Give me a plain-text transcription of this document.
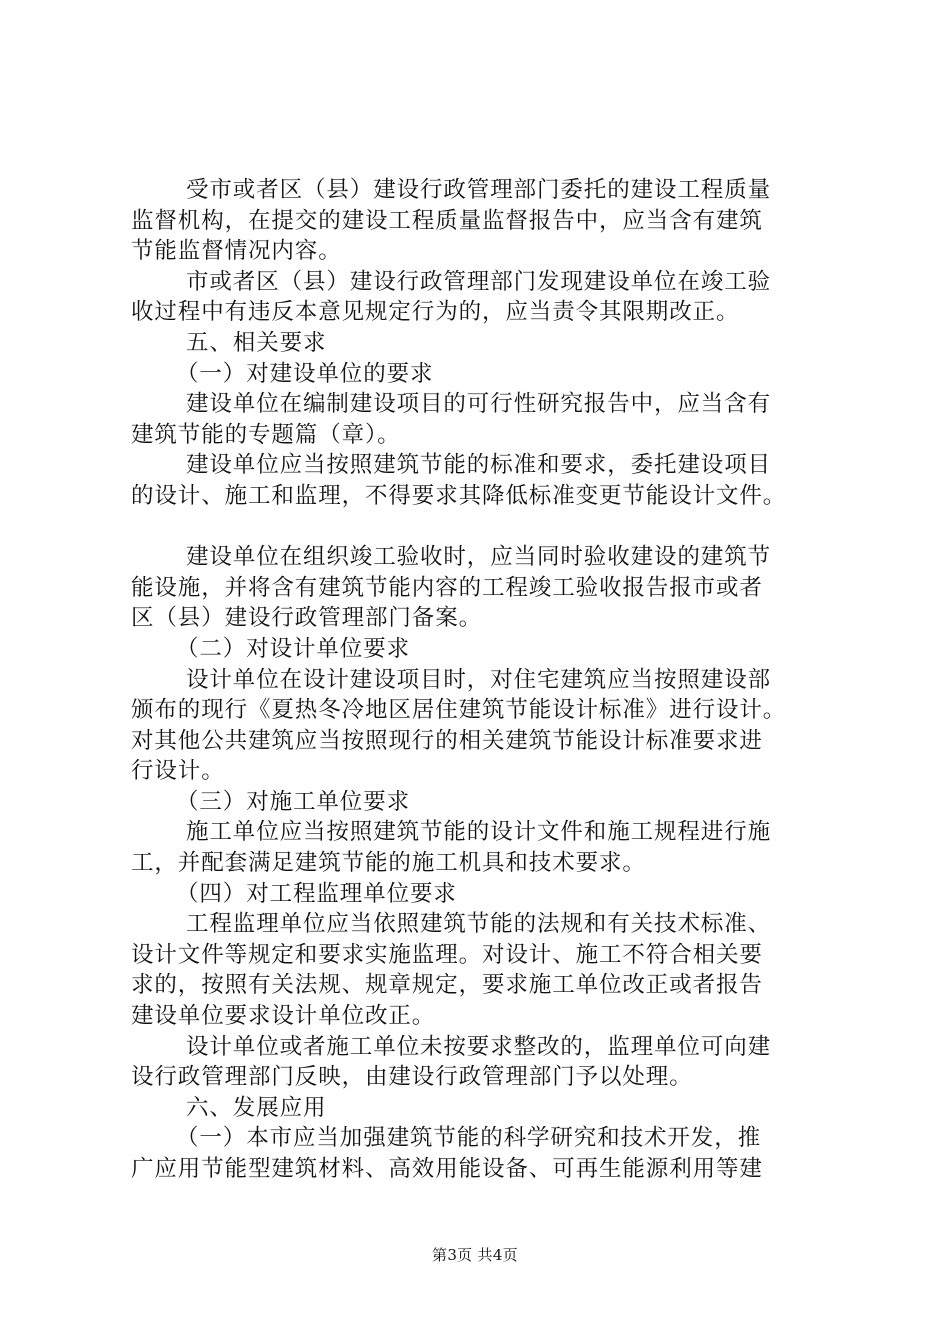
受市或者区（县）建设行政管理部门委托的建设工程质量
监督机构，在提交的建设工程质量监督报告中，应当含有建筑
节能监督情况内容。
市或者区（县）建设行政管理部门发现建设单位在竣工验
收过程中有违反本意见规定行为的，应当责令其限期改正。
五、相关要求
（一）对建设单位的要求
建设单位在编制建设项目的可行性研究报告中，应当含有
建筑节能的专题篇（章）。
建设单位应当按照建筑节能的标准和要求，委托建设项目
的设计、施工和监理，不得要求其降低标准变更节能设计文件。
建设单位在组织竣工验收时，应当同时验收建设的建筑节
能设施，并将含有建筑节能内容的工程竣工验收报告报市或者
区（县）建设行政管理部门备案。
（二）对设计单位要求
设计单位在设计建设项目时，对住宅建筑应当按照建设部
颁布的现行《夏热冬冷地区居住建筑节能设计标准》进行设计。
对其他公共建筑应当按照现行的相关建筑节能设计标准要求进
行设计。
（三）对施工单位要求
施工单位应当按照建筑节能的设计文件和施工规程进行施
工，并配套满足建筑节能的施工机具和技术要求。
（四）对工程监理单位要求
工程监理单位应当依照建筑节能的法规和有关技术标准、
设计文件等规定和要求实施监理。对设计、施工不符合相关要
求的，按照有关法规、规章规定，要求施工单位改正或者报告
建设单位要求设计单位改正。
设计单位或者施工单位未按要求整改的，监理单位可向建
设行政管理部门反映，由建设行政管理部门予以处理。
六、发展应用
（一）本市应当加强建筑节能的科学研究和技术开发，推
广应用节能型建筑材料、高效用能设备、可再生能源利用等建
第3页 共4页
